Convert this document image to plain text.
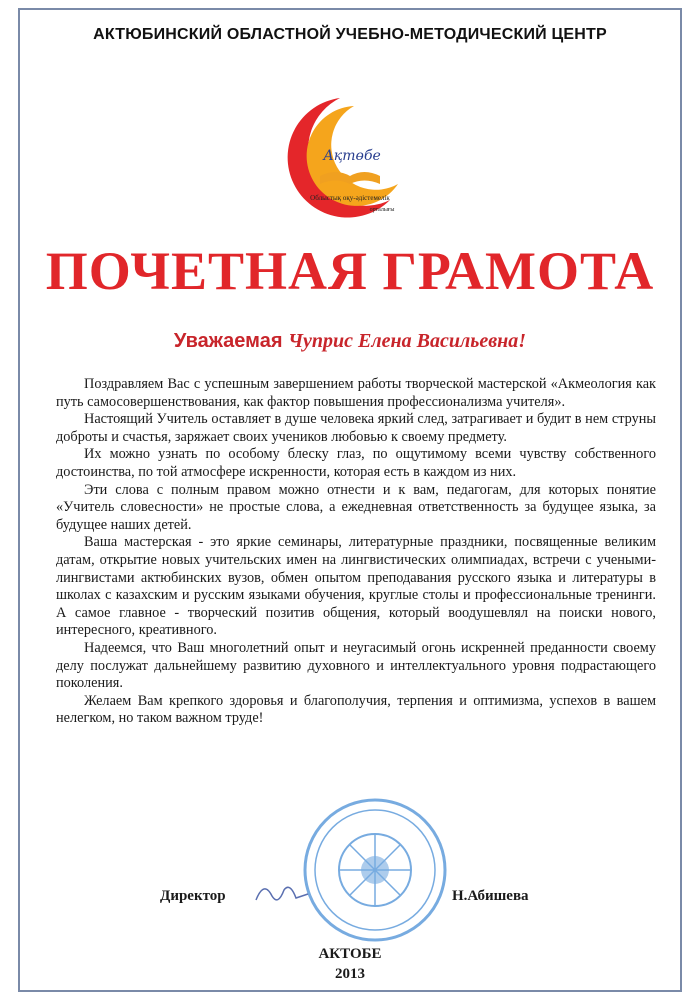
АКТЮБИНСКИЙ ОБЛАСТНОЙ УЧЕБНО-МЕТОДИЧЕСКИЙ ЦЕНТР
Ақтөбе
Облыстық оқу-әдістемелік
орталығы
ПОЧЕТНАЯ ГРАМОТА
Уважаемая Чуприс Елена Васильевна!

Поздравляем Вас с успешным завершением работы творческой мастерской «Акмеология как путь самосовершенствования, как фактор повышения профессионализма учителя».

Настоящий Учитель оставляет в душе человека яркий след, затрагивает и будит в нем струны доброты и счастья, заряжает своих учеников любовью к своему предмету.

Их можно узнать по особому блеску глаз, по ощутимому всеми чувству собственного достоинства, по той атмосфере искренности, которая есть в каждом из них.

Эти слова с полным правом можно отнести и к вам, педагогам, для которых понятие «Учитель словесности» не простые слова, а ежедневная ответственность за будущее языка, за будущее наших детей.

Ваша мастерская - это яркие семинары, литературные праздники, посвященные великим датам, открытие новых учительских имен на лингвистических олимпиадах, встречи с учеными-лингвистами актюбинских вузов, обмен опытом преподавания русского языка и литературы в школах с казахским и русским языками обучения, круглые столы и профессиональные тренинги. А самое главное - творческий позитив общения, который воодушевлял на поиски нового, интересного, креативного.

Надеемся, что Ваш многолетний опыт и неугасимый огонь искренней преданности своему делу послужат дальнейшему развитию духовного и интеллектуального уровня подрастающего поколения.

Желаем Вам крепкого здоровья и благополучия, терпения и оптимизма, успехов в вашем нелегком, но таком важном труде!

Директор	Н.Абишева
АКТОБЕ
2013
